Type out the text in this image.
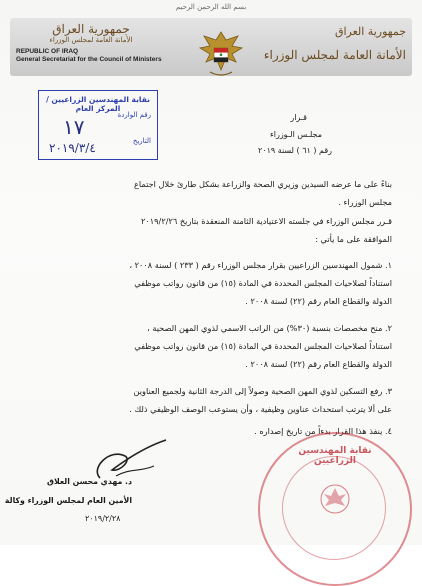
بسم الله الرحمن الرحيم
جمهورية العراق
الأمانة العامة لمجلس الوزراء
REPUBLIC OF IRAQ
General Secretariat for the Council of Ministers
جمهورية العراق
الأمانة العامة لمجلس الوزراء
نقابة المهندسين الزراعيين / المركز العام
رقم الواردة
١٧
التاريخ
٢٠١٩/٣/٤
قـرار
مجلـس الـوزراء
رقم ( ٦١ ) لسنة ٢٠١٩
بناءً على ما عرضه السيدين وزيري الصحة والزراعة بشكل طارئ خلال اجتماع
مجلس الوزراء .
قـرر مجلس الوزراء في جلسته الاعتيادية الثامنة المنعقدة بتاريخ ٢٠١٩/٢/٢٦
الموافقة على ما يأتي :
١. شمول المهندسين الزراعيين بقرار مجلس الوزراء رقم ( ٢٣٣ ) لسنة ٢٠٠٨ ،
استناداً لصلاحيات المجلس المحددة في المادة (١٥) من قانون رواتب موظفي
الدولة والقطاع العام رقم (٢٢) لسنة ٢٠٠٨ .
٢. منح مخصصات بنسبة (٣٠%) من الراتب الاسمي لذوي المهن الصحية ،
استناداً لصلاحيات المجلس المحددة في المادة (١٥) من قانون رواتب موظفي
الدولة والقطاع العام رقم (٢٢) لسنة ٢٠٠٨ .
٣. رفع التسكين لذوي المهن الصحية وصولاً إلى الدرجة الثانية ولجميع العناوين
على ألا يترتب استحداث عناوين وظيفية ، وأن يستوعب الوصف الوظيفي ذلك .
٤. ينفذ هذا القرار بدءاً من تاريخ إصداره .
د. مهدي محسن العلاق
الأمين العام لمجلس الوزراء وكالة
٢٠١٩/٢/٢٨
نقابة المهندسين الزراعيين
